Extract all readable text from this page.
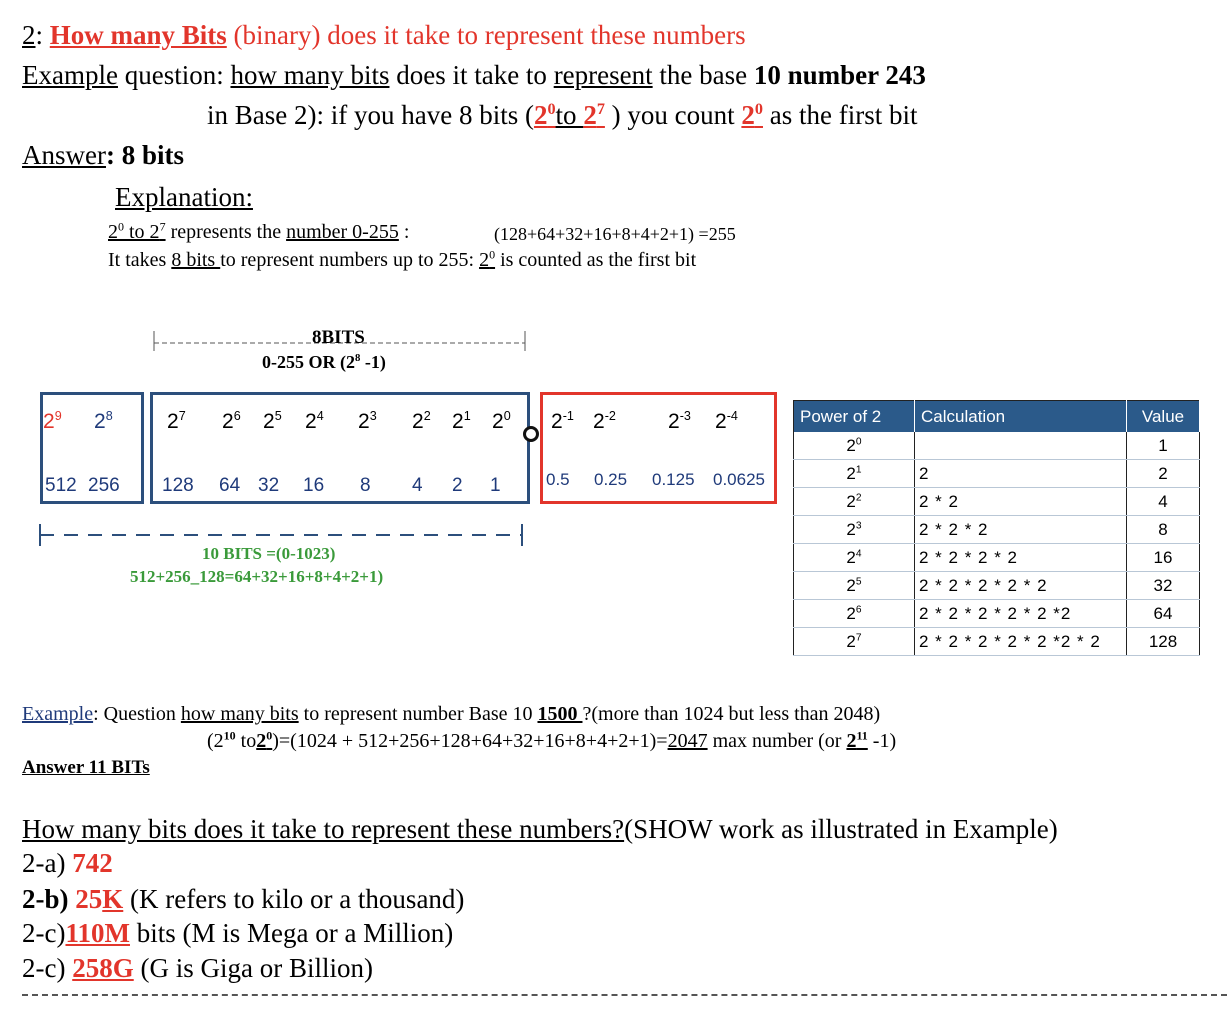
2: How many Bits (binary) does it take to represent these numbers
Example question: how many bits does it take to represent the base 10 number 243
in Base 2): if you have 8 bits ($2^0to$ $2^7$ ) you count $2^0$ as the first bit
Answer: 8 bits
Explanation:
$2^0$ to $2^7$ represents the number 0-255 :	(128+64+32+16+8+4+2+1) =255
It takes 8 bits to represent numbers up to 255: $2^0$ is counted as the first bit
8BITS
0-255 OR ($2^8$ -1)
$2^9$ $2^8$
512 256
$2^7$ $2^6$ $2^5$ $2^4$ $2^3$ $2^2$ $2^1$ $2^0$
128 64 32 16 8 4 2 1
$2^{-1}$ $2^{-2}$ $2^{-3}$ $2^{-4}$
0.5 0.25 0.125 0.0625
10 BITS =(0-1023)
512+256_128=64+32+16+8+4+2+1)
Power of 2	Calculation	Value
$2^0$		1
$2^1$	2	2
$2^2$	2 * 2	4
$2^3$	2 * 2 * 2	8
$2^4$	2 * 2 * 2 * 2	16
$2^5$	2 * 2 * 2 * 2 * 2	32
$2^6$	2 * 2 * 2 * 2 * 2 *2	64
$2^7$	2 * 2 * 2 * 2 * 2 *2 * 2	128
Example: Question how many bits to represent number Base 10 1500 ?(more than 1024 but less than 2048)
($2^{10}$ $to2^0)=(1024 + 512+256+128+64+32+16+8+4+2+1)=2047$ max number (or $2^{11}$ -1)
Answer 11 BITs
How many bits does it take to represent these numbers?(SHOW work as illustrated in Example)
2-a) 742
2-b) 25K (K refers to kilo or a thousand)
2-c)110M bits (M is Mega or a Million)
2-c) 258G (G is Giga or Billion)
